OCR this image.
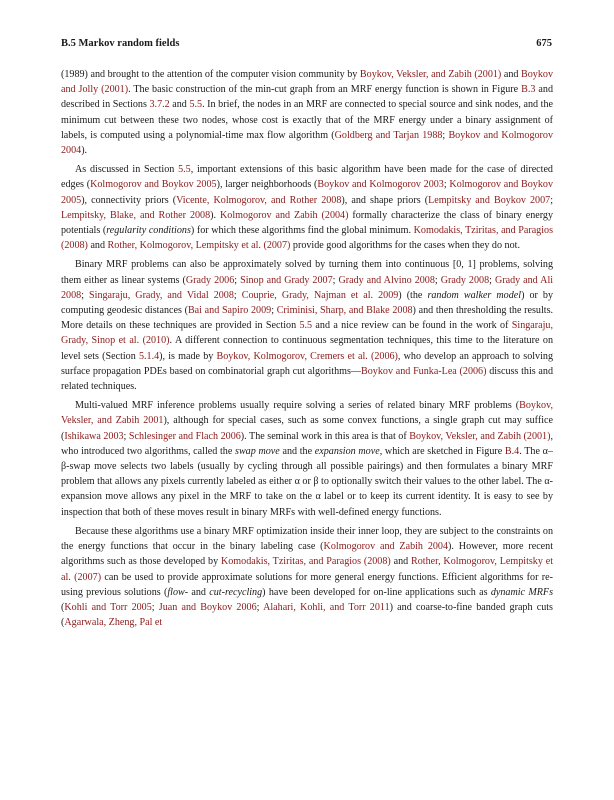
B.5 Markov random fields	675

(1989) and brought to the attention of the computer vision community by Boykov, Veksler, and Zabih (2001) and Boykov and Jolly (2001). The basic construction of the min-cut graph from an MRF energy function is shown in Figure B.3 and described in Sections 3.7.2 and 5.5. In brief, the nodes in an MRF are connected to special source and sink nodes, and the minimum cut between these two nodes, whose cost is exactly that of the MRF energy under a binary assignment of labels, is computed using a polynomial-time max flow algorithm (Goldberg and Tarjan 1988; Boykov and Kolmogorov 2004).

As discussed in Section 5.5, important extensions of this basic algorithm have been made for the case of directed edges (Kolmogorov and Boykov 2005), larger neighborhoods (Boykov and Kolmogorov 2003; Kolmogorov and Boykov 2005), connectivity priors (Vicente, Kolmogorov, and Rother 2008), and shape priors (Lempitsky and Boykov 2007; Lempitsky, Blake, and Rother 2008). Kolmogorov and Zabih (2004) formally characterize the class of binary energy potentials (regularity conditions) for which these algorithms find the global minimum. Komodakis, Tziritas, and Paragios (2008) and Rother, Kolmogorov, Lempitsky et al. (2007) provide good algorithms for the cases when they do not.

Binary MRF problems can also be approximately solved by turning them into continuous [0, 1] problems, solving them either as linear systems (Grady 2006; Sinop and Grady 2007; Grady and Alvino 2008; Grady 2008; Grady and Ali 2008; Singaraju, Grady, and Vidal 2008; Couprie, Grady, Najman et al. 2009) (the random walker model) or by computing geodesic distances (Bai and Sapiro 2009; Criminisi, Sharp, and Blake 2008) and then thresholding the results. More details on these techniques are provided in Section 5.5 and a nice review can be found in the work of Singaraju, Grady, Sinop et al. (2010). A different connection to continuous segmentation techniques, this time to the literature on level sets (Section 5.1.4), is made by Boykov, Kolmogorov, Cremers et al. (2006), who develop an approach to solving surface propagation PDEs based on combinatorial graph cut algorithms—Boykov and Funka-Lea (2006) discuss this and related techniques.

Multi-valued MRF inference problems usually require solving a series of related binary MRF problems (Boykov, Veksler, and Zabih 2001), although for special cases, such as some convex functions, a single graph cut may suffice (Ishikawa 2003; Schlesinger and Flach 2006). The seminal work in this area is that of Boykov, Veksler, and Zabih (2001), who introduced two algorithms, called the swap move and the expansion move, which are sketched in Figure B.4. The α–β-swap move selects two labels (usually by cycling through all possible pairings) and then formulates a binary MRF problem that allows any pixels currently labeled as either α or β to optionally switch their values to the other label. The α-expansion move allows any pixel in the MRF to take on the α label or to keep its current identity. It is easy to see by inspection that both of these moves result in binary MRFs with well-defined energy functions.

Because these algorithms use a binary MRF optimization inside their inner loop, they are subject to the constraints on the energy functions that occur in the binary labeling case (Kolmogorov and Zabih 2004). However, more recent algorithms such as those developed by Komodakis, Tziritas, and Paragios (2008) and Rother, Kolmogorov, Lempitsky et al. (2007) can be used to provide approximate solutions for more general energy functions. Efficient algorithms for re-using previous solutions (flow- and cut-recycling) have been developed for on-line applications such as dynamic MRFs (Kohli and Torr 2005; Juan and Boykov 2006; Alahari, Kohli, and Torr 2011) and coarse-to-fine banded graph cuts (Agarwala, Zheng, Pal et
